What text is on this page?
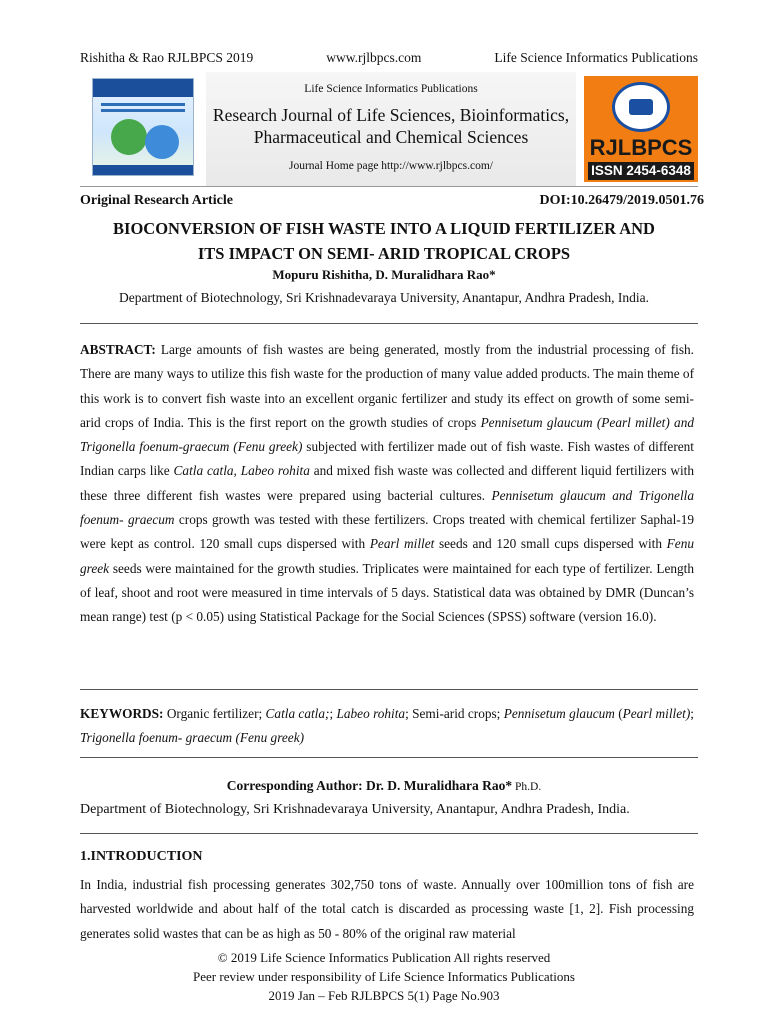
Rishitha & Rao RJLBPCS 2019	www.rjlbpcs.com	Life Science Informatics Publications
Life Science Informatics Publications
Research Journal of Life Sciences, Bioinformatics,
Pharmaceutical and Chemical Sciences
Journal Home page http://www.rjlbpcs.com/
RJLBPCS
ISSN 2454-6348
Original Research Article	DOI:10.26479/2019.0501.76
BIOCONVERSION OF FISH WASTE INTO A LIQUID FERTILIZER AND
ITS IMPACT ON SEMI- ARID TROPICAL CROPS
Mopuru Rishitha, D. Muralidhara Rao*
Department of Biotechnology, Sri Krishnadevaraya University, Anantapur, Andhra Pradesh, India.
ABSTRACT: Large amounts of fish wastes are being generated, mostly from the industrial processing of fish. There are many ways to utilize this fish waste for the production of many value added products. The main theme of this work is to convert fish waste into an excellent organic fertilizer and study its effect on growth of some semi-arid crops of India. This is the first report on the growth studies of crops Pennisetum glaucum (Pearl millet) and Trigonella foenum-graecum (Fenu greek) subjected with fertilizer made out of fish waste. Fish wastes of different Indian carps like Catla catla, Labeo rohita and mixed fish waste was collected and different liquid fertilizers with these three different fish wastes were prepared using bacterial cultures. Pennisetum glaucum and Trigonella foenum- graecum crops growth was tested with these fertilizers. Crops treated with chemical fertilizer Saphal-19 were kept as control. 120 small cups dispersed with Pearl millet seeds and 120 small cups dispersed with Fenu greek seeds were maintained for the growth studies. Triplicates were maintained for each type of fertilizer. Length of leaf, shoot and root were measured in time intervals of 5 days. Statistical data was obtained by DMR (Duncan’s mean range) test (p < 0.05) using Statistical Package for the Social Sciences (SPSS) software (version 16.0).
KEYWORDS: Organic fertilizer; Catla catla;; Labeo rohita; Semi-arid crops; Pennisetum glaucum (Pearl millet); Trigonella foenum- graecum (Fenu greek)
Corresponding Author: Dr. D. Muralidhara Rao* Ph.D.
Department of Biotechnology, Sri Krishnadevaraya University, Anantapur, Andhra Pradesh, India.
1.INTRODUCTION
In India, industrial fish processing generates 302,750 tons of waste. Annually over 100million tons of fish are harvested worldwide and about half of the total catch is discarded as processing waste [1, 2]. Fish processing generates solid wastes that can be as high as 50 - 80% of the original raw material
© 2019 Life Science Informatics Publication All rights reserved
Peer review under responsibility of Life Science Informatics Publications
2019 Jan – Feb RJLBPCS 5(1) Page No.903
